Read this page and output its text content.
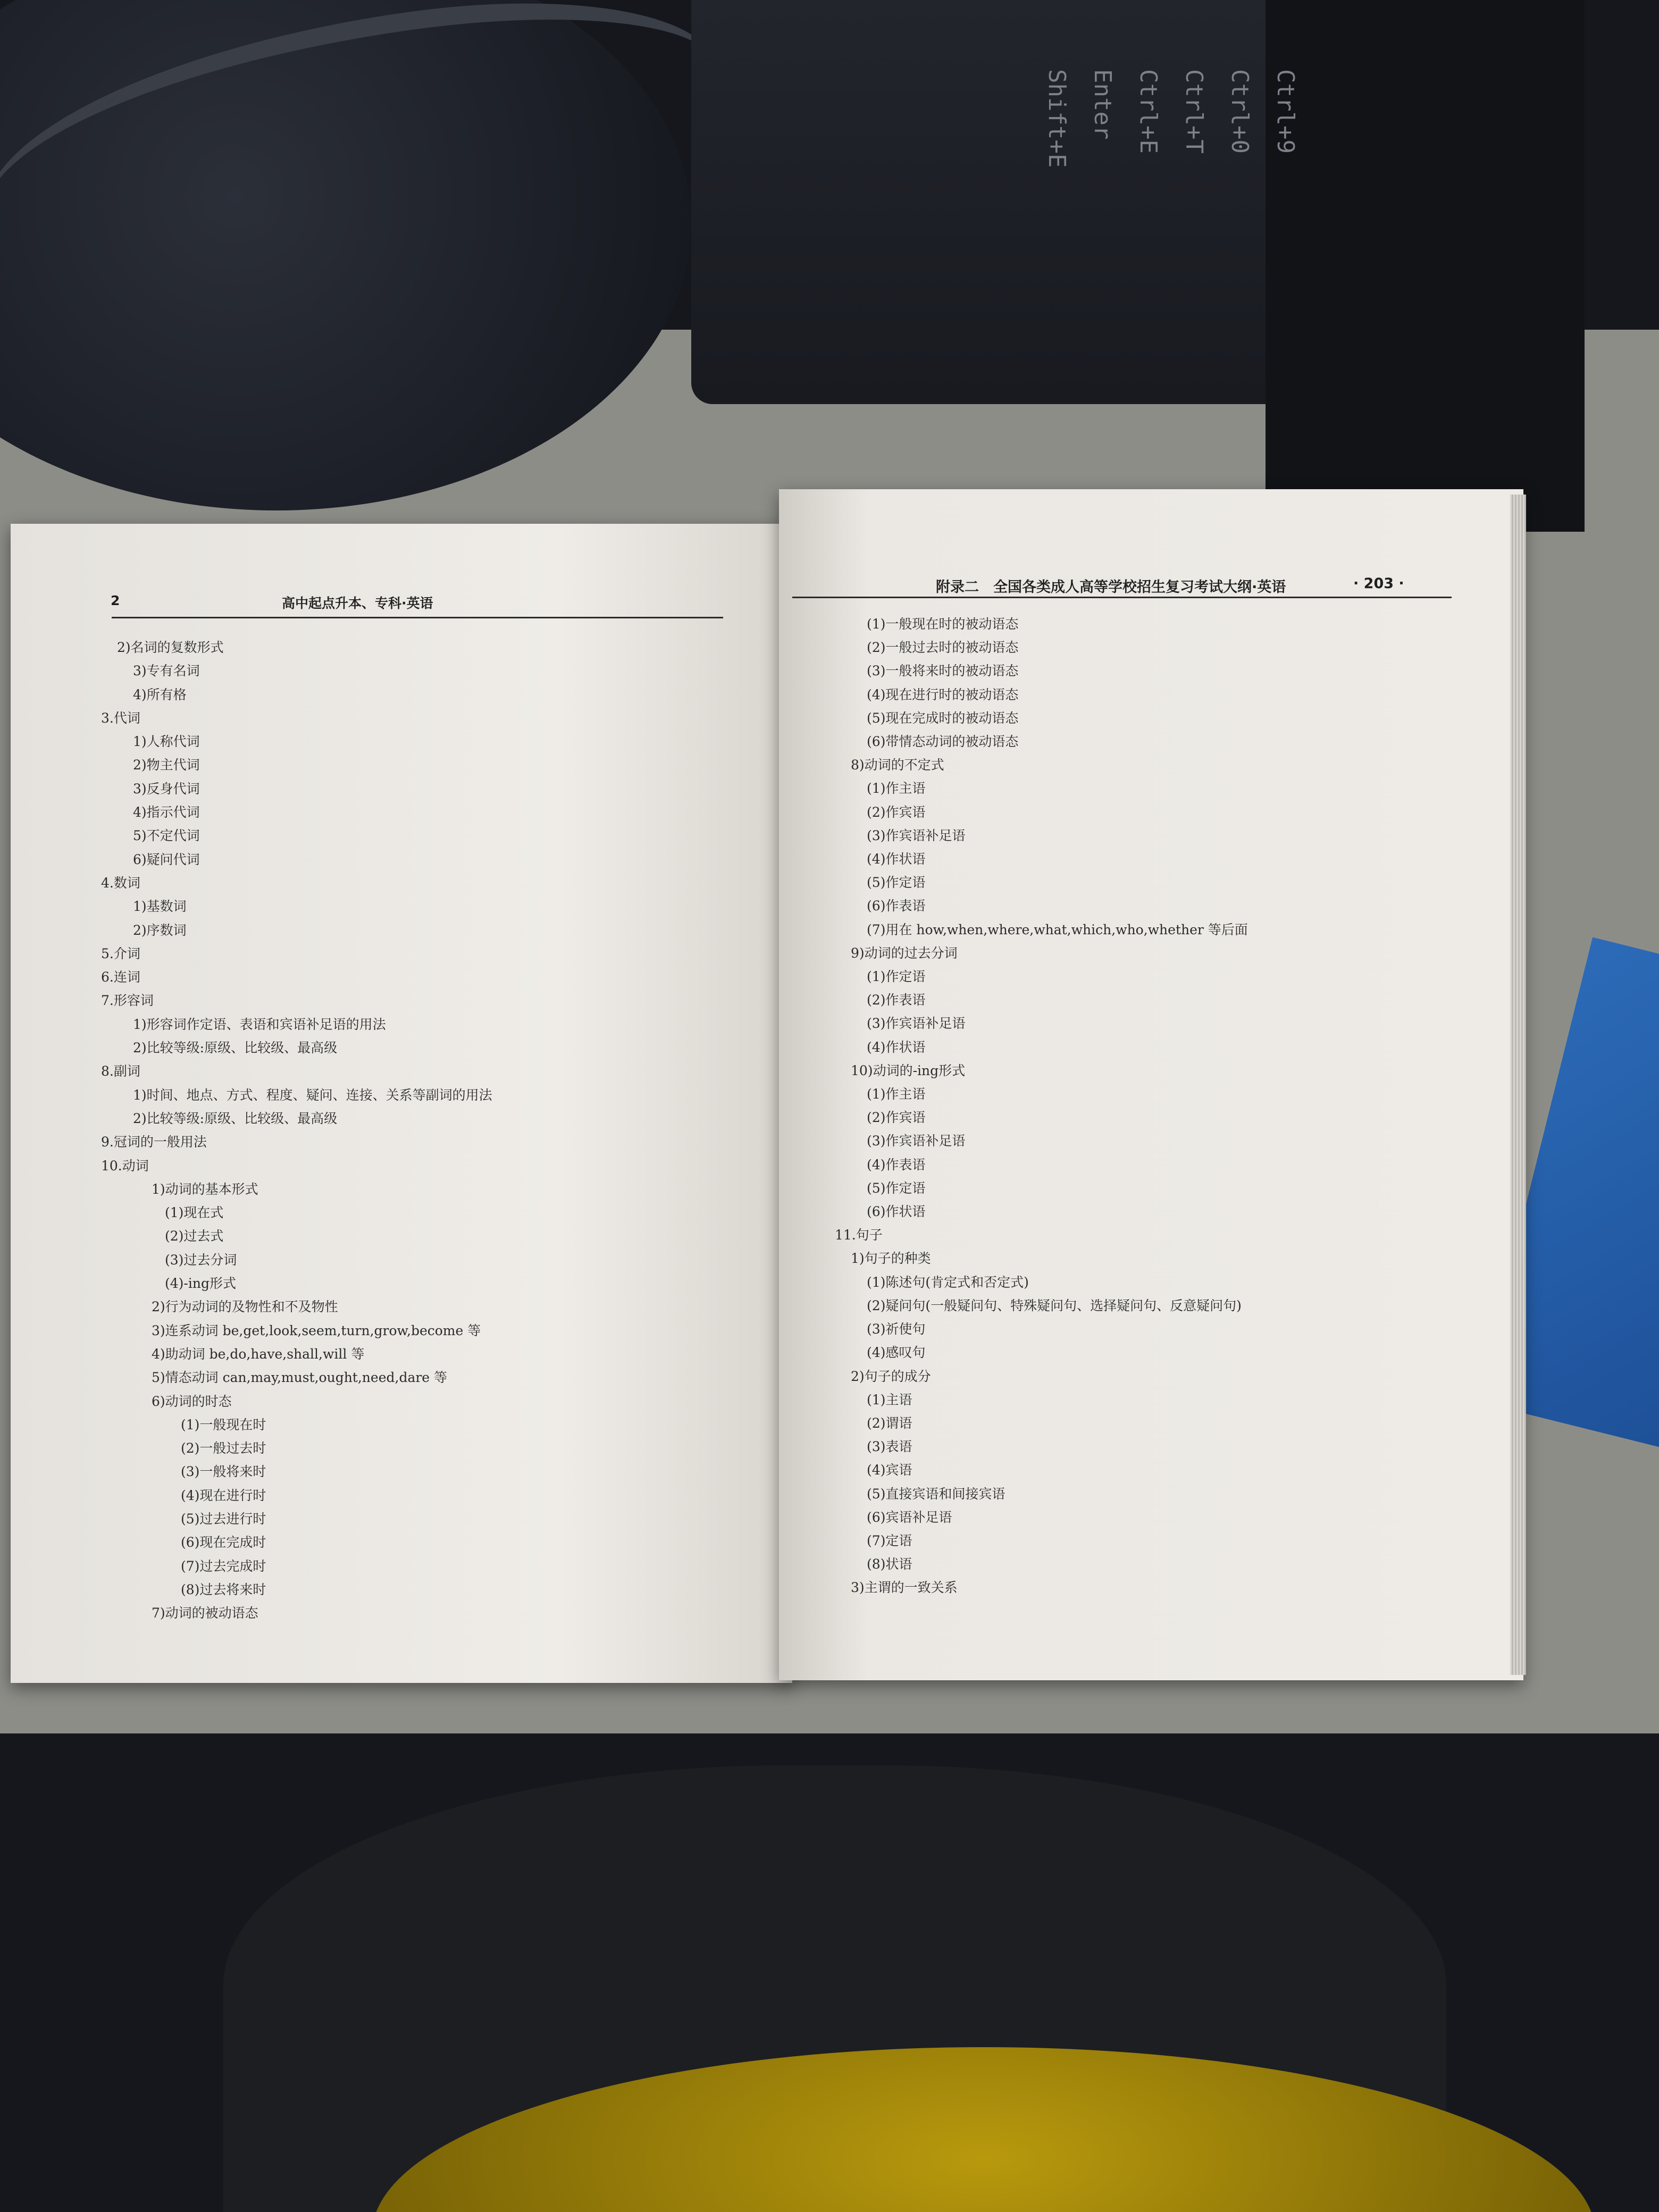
Ctrl+9
Ctrl+0
Ctrl+T
Ctrl+E
Enter
Shift+E
2	高中起点升本、专科·英语
附录二　全国各类成人高等学校招生复习考试大纲·英语	· 203 ·
2)名词的复数形式
3)专有名词
4)所有格
3.代词
1)人称代词
2)物主代词
3)反身代词
4)指示代词
5)不定代词
6)疑问代词
4.数词
1)基数词
2)序数词
5.介词
6.连词
7.形容词
1)形容词作定语、表语和宾语补足语的用法
2)比较等级:原级、比较级、最高级
8.副词
1)时间、地点、方式、程度、疑问、连接、关系等副词的用法
2)比较等级:原级、比较级、最高级
9.冠词的一般用法
10.动词
1)动词的基本形式
(1)现在式
(2)过去式
(3)过去分词
(4)-ing形式
2)行为动词的及物性和不及物性
3)连系动词 be,get,look,seem,turn,grow,become 等
4)助动词 be,do,have,shall,will 等
5)情态动词 can,may,must,ought,need,dare 等
6)动词的时态
(1)一般现在时
(2)一般过去时
(3)一般将来时
(4)现在进行时
(5)过去进行时
(6)现在完成时
(7)过去完成时
(8)过去将来时
7)动词的被动语态
(1)一般现在时的被动语态
(2)一般过去时的被动语态
(3)一般将来时的被动语态
(4)现在进行时的被动语态
(5)现在完成时的被动语态
(6)带情态动词的被动语态
8)动词的不定式
(1)作主语
(2)作宾语
(3)作宾语补足语
(4)作状语
(5)作定语
(6)作表语
(7)用在 how,when,where,what,which,who,whether 等后面
9)动词的过去分词
(1)作定语
(2)作表语
(3)作宾语补足语
(4)作状语
10)动词的-ing形式
(1)作主语
(2)作宾语
(3)作宾语补足语
(4)作表语
(5)作定语
(6)作状语
11.句子
1)句子的种类
(1)陈述句(肯定式和否定式)
(2)疑问句(一般疑问句、特殊疑问句、选择疑问句、反意疑问句)
(3)祈使句
(4)感叹句
2)句子的成分
(1)主语
(2)谓语
(3)表语
(4)宾语
(5)直接宾语和间接宾语
(6)宾语补足语
(7)定语
(8)状语
3)主谓的一致关系
